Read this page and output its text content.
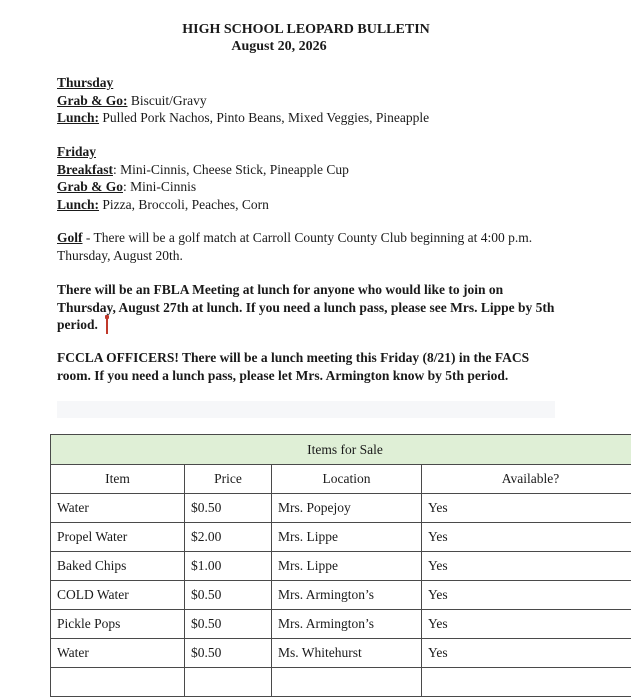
HIGH SCHOOL LEOPARD BULLETIN
August 20, 2026
Thursday
Grab & Go: Biscuit/Gravy
Lunch: Pulled Pork Nachos, Pinto Beans, Mixed Veggies, Pineapple
Friday
Breakfast: Mini-Cinnis, Cheese Stick, Pineapple Cup
Grab & Go: Mini-Cinnis
Lunch: Pizza, Broccoli, Peaches, Corn
Golf - There will be a golf match at Carroll County County Club beginning at 4:00 p.m. Thursday, August 20th.
There will be an FBLA Meeting at lunch for anyone who would like to join on Thursday, August 27th at lunch. If you need a lunch pass, please see Mrs. Lippe by 5th period.
FCCLA OFFICERS! There will be a lunch meeting this Friday (8/21) in the FACS room. If you need a lunch pass, please let Mrs. Armington know by 5th period.
Items for Sale			
Item	Price	Location	Available?
Water	$0.50	Mrs. Popejoy	Yes
Propel Water	$2.00	Mrs. Lippe	Yes
Baked Chips	$1.00	Mrs. Lippe	Yes
COLD Water	$0.50	Mrs. Armington’s	Yes
Pickle Pops	$0.50	Mrs. Armington’s	Yes
Water	$0.50	Ms. Whitehurst	Yes
